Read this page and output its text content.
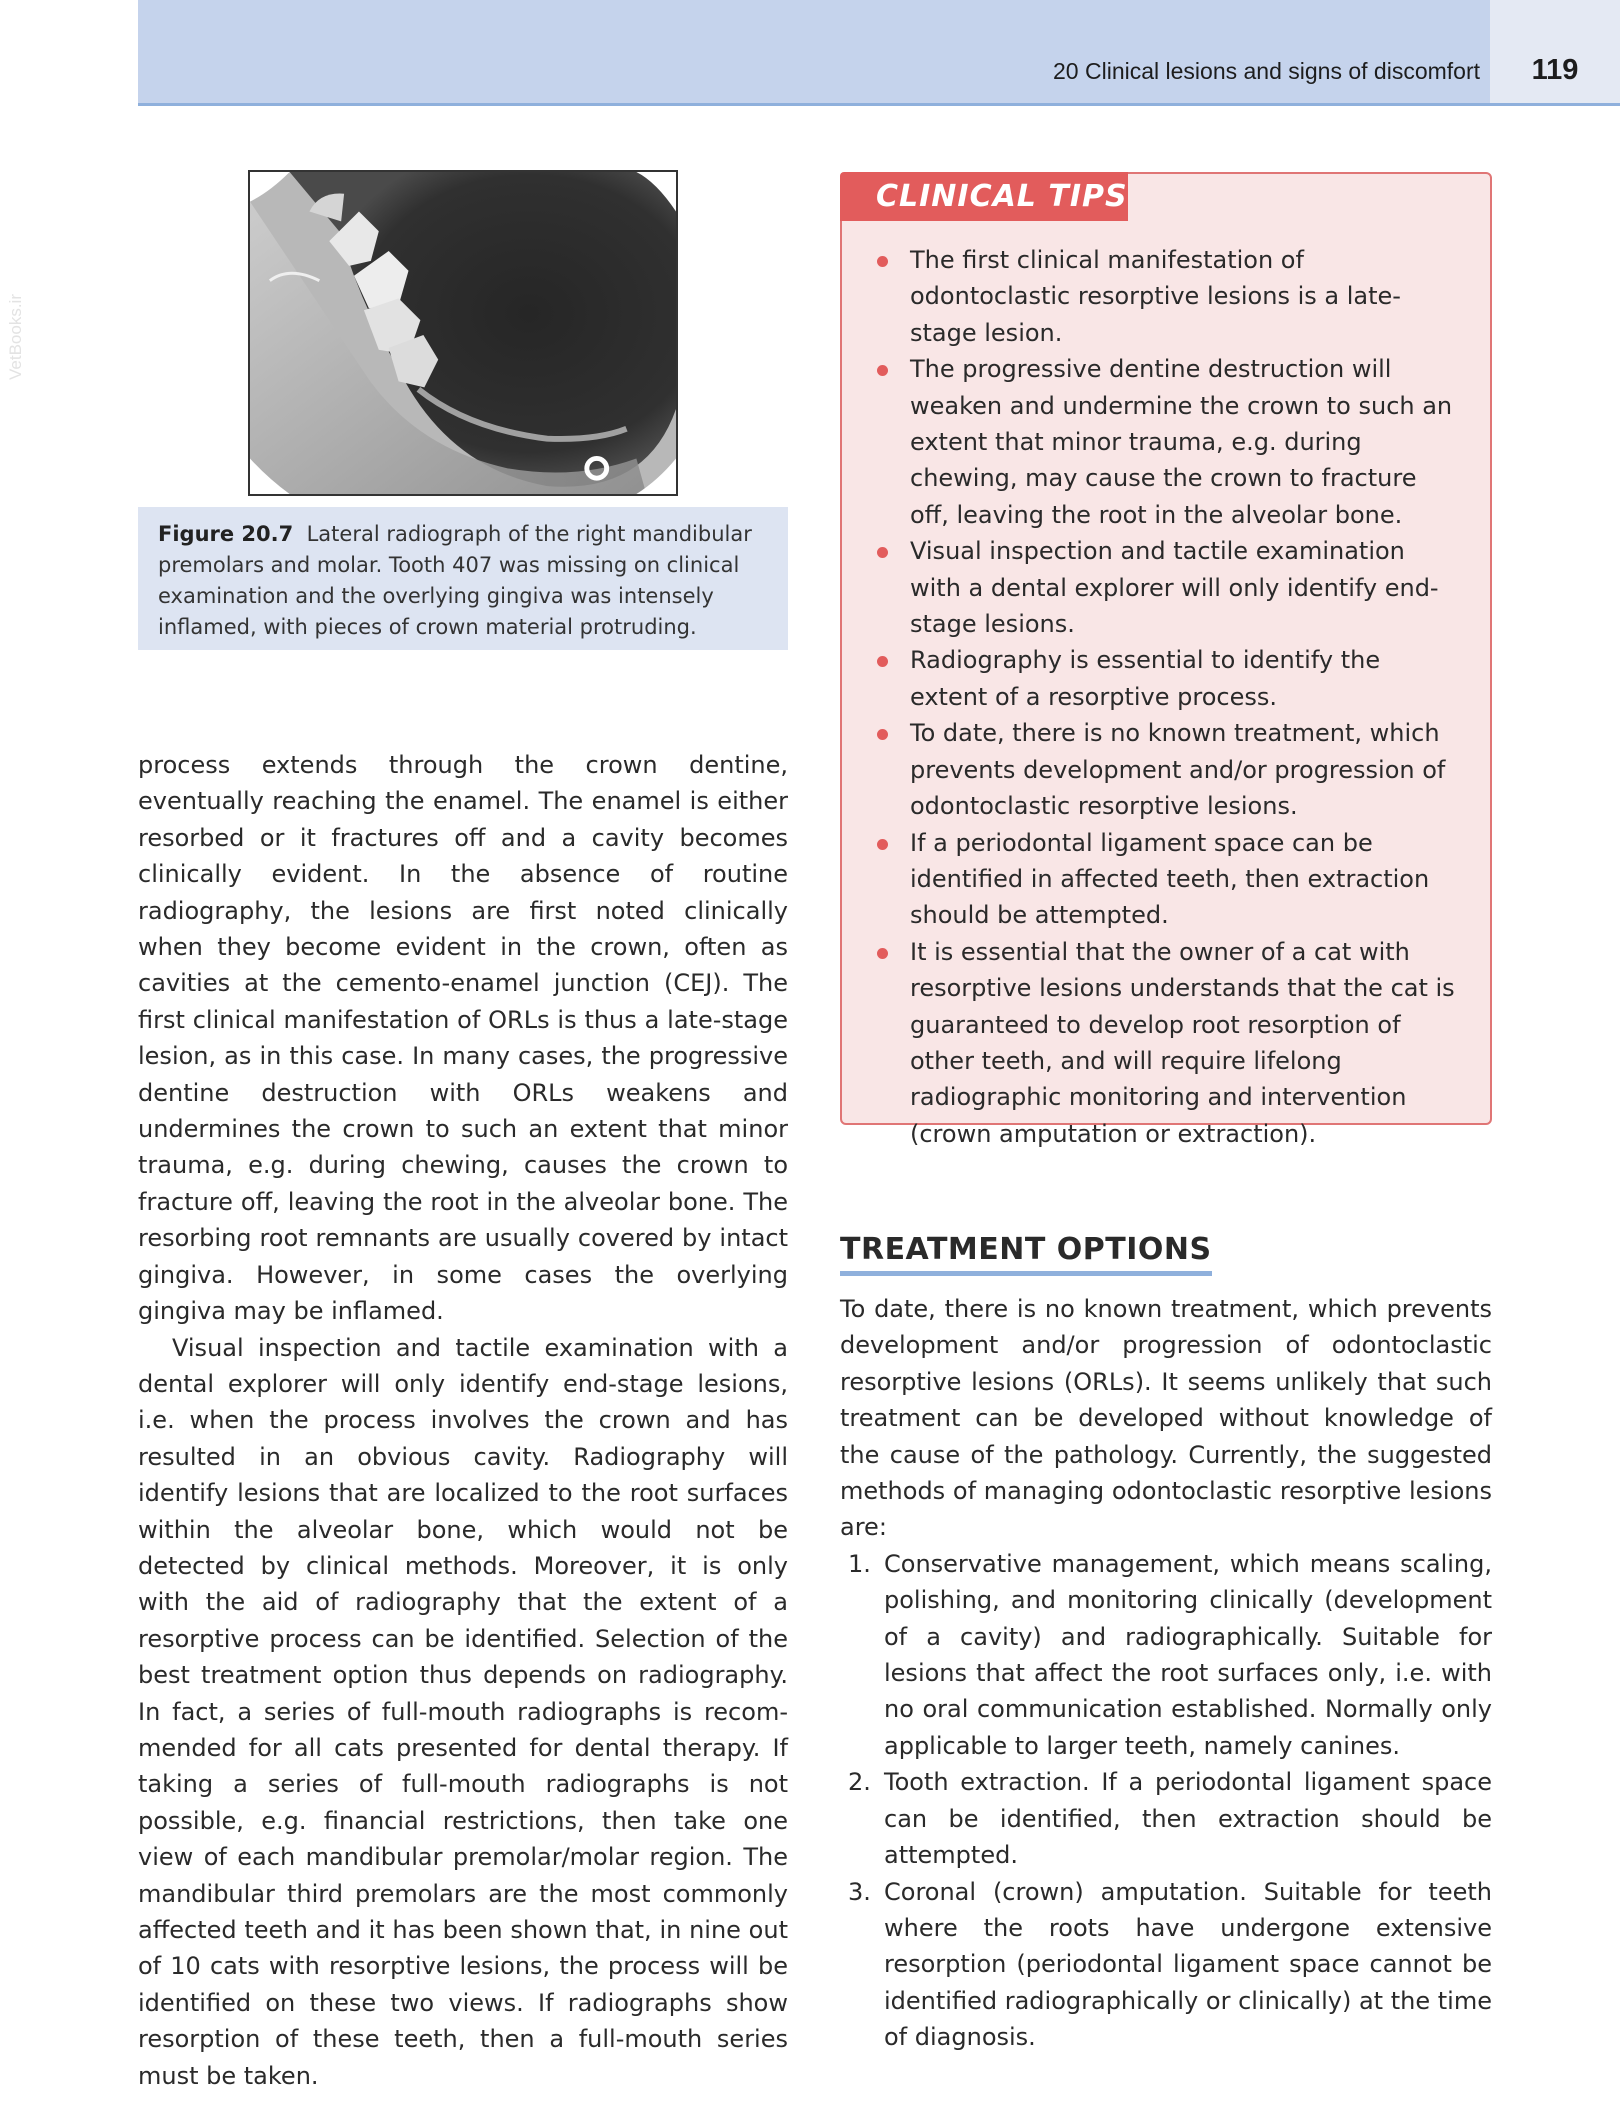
20 Clinical lesions and signs of discomfort	119
VetBooks.ir
Figure 20.7 Lateral radiograph of the right mandibular premolars and molar. Tooth 407 was missing on clinical examination and the overlying gingiva was intensely inflamed, with pieces of crown material protruding.

process extends through the crown dentine, eventually reaching the enamel. The enamel is either resorbed or it fractures off and a cavity becomes clinically evident. In the absence of routine radiography, the lesions are first noted clinically when they become evident in the crown, often as cavities at the cemento-enamel junction (CEJ). The first clinical manifestation of ORLs is thus a late-stage lesion, as in this case. In many cases, the progressive dentine destruction with ORLs weakens and undermines the crown to such an extent that minor trauma, e.g. during chewing, causes the crown to fracture off, leaving the root in the alveolar bone. The resorbing root remnants are usually covered by intact gingiva. However, in some cases the overlying gingiva may be inflamed.

Visual inspection and tactile examination with a dental explorer will only identify end-stage lesions, i.e. when the process involves the crown and has resulted in an obvious cavity. Radiography will identify lesions that are localized to the root surfaces within the alveolar bone, which would not be detected by clinical methods. Moreover, it is only with the aid of radiography that the extent of a resorptive process can be identified. Selection of the best treatment option thus depends on radiography. In fact, a series of full-mouth radiographs is recommended for all cats presented for dental therapy. If taking a series of full-mouth radiographs is not possible, e.g. financial restrictions, then take one view of each mandibular premolar/molar region. The mandibular third premolars are the most commonly affected teeth and it has been shown that, in nine out of 10 cats with resorptive lesions, the process will be identified on these two views. If radiographs show resorption of these teeth, then a full-mouth series must be taken.

CLINICAL TIPS
The first clinical manifestation of odontoclastic resorptive lesions is a late-stage lesion.
The progressive dentine destruction will weaken and undermine the crown to such an extent that minor trauma, e.g. during chewing, may cause the crown to fracture off, leaving the root in the alveolar bone.
Visual inspection and tactile examination with a dental explorer will only identify end-stage lesions.
Radiography is essential to identify the extent of a resorptive process.
To date, there is no known treatment, which prevents development and/or progression of odontoclastic resorptive lesions.
If a periodontal ligament space can be identified in affected teeth, then extraction should be attempted.
It is essential that the owner of a cat with resorptive lesions understands that the cat is guaranteed to develop root resorption of other teeth, and will require lifelong radiographic monitoring and intervention (crown amputation or extraction).
TREATMENT OPTIONS

To date, there is no known treatment, which prevents development and/or progression of odontoclastic resorptive lesions (ORLs). It seems unlikely that such treatment can be developed without knowledge of the cause of the pathology. Currently, the suggested methods of managing odontoclastic resorptive lesions are:

1. Conservative management, which means scaling, polishing, and monitoring clinically (development of a cavity) and radiographically. Suitable for lesions that affect the root surfaces only, i.e. with no oral communication established. Normally only applicable to larger teeth, namely canines.
2. Tooth extraction. If a periodontal ligament space can be identified, then extraction should be attempted.
3. Coronal (crown) amputation. Suitable for teeth where the roots have undergone extensive resorption (periodontal ligament space cannot be identified radiographically or clinically) at the time of diagnosis.
